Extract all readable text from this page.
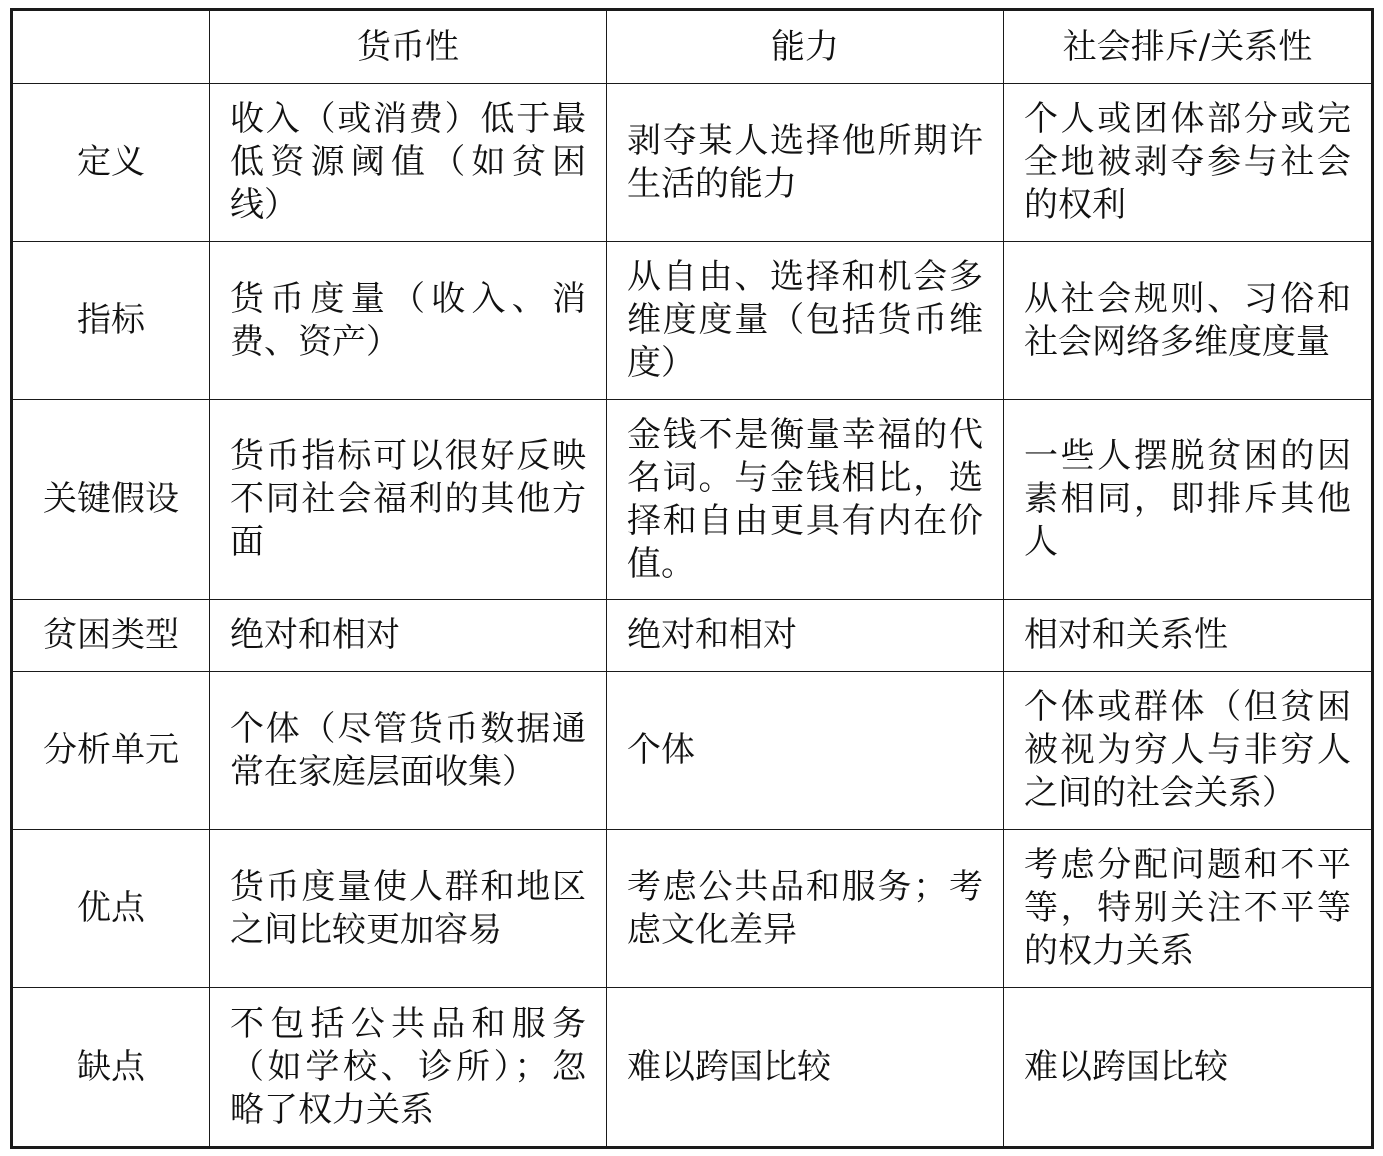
	货币性	能力	社会排斥/关系性
定义	收入（或消费）低于最低资源阈值（如贫困线）	剥夺某人选择他所期许生活的能力	个人或团体部分或完全地被剥夺参与社会的权利
指标	货币度量（收入、消费、资产）	从自由、选择和机会多维度度量（包括货币维度）	从社会规则、习俗和社会网络多维度度量
关键假设	货币指标可以很好反映不同社会福利的其他方面	金钱不是衡量幸福的代名词。与金钱相比，选择和自由更具有内在价值。	一些人摆脱贫困的因素相同，即排斥其他人
贫困类型	绝对和相对	绝对和相对	相对和关系性
分析单元	个体（尽管货币数据通常在家庭层面收集）	个体	个体或群体（但贫困被视为穷人与非穷人之间的社会关系）
优点	货币度量使人群和地区之间比较更加容易	考虑公共品和服务；考虑文化差异	考虑分配问题和不平等，特别关注不平等的权力关系
缺点	不包括公共品和服务（如学校、诊所）；忽略了权力关系	难以跨国比较	难以跨国比较
